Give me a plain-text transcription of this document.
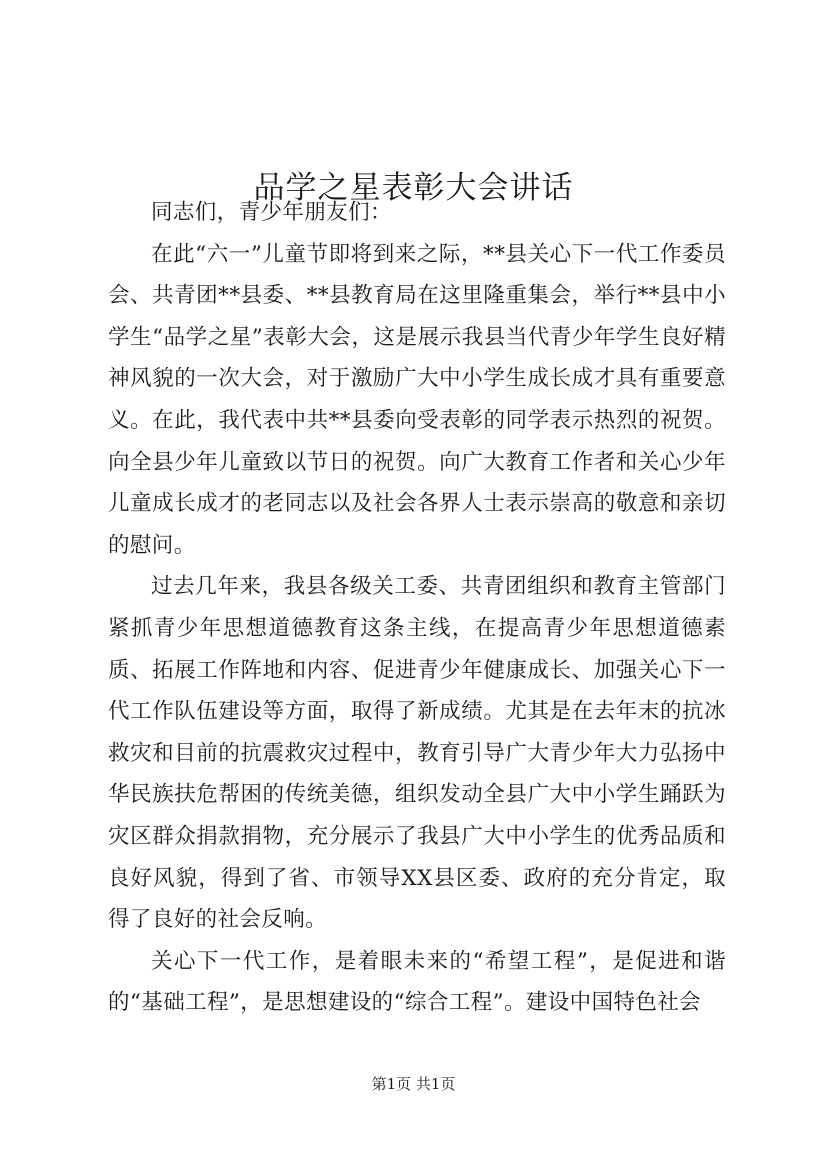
品学之星表彰大会讲话

同志们，青少年朋友们：

在此“六一”儿童节即将到来之际，**县关心下一代工作委员会、共青团**县委、**县教育局在这里隆重集会，举行**县中小学生“品学之星”表彰大会，这是展示我县当代青少年学生良好精神风貌的一次大会，对于激励广大中小学生成长成才具有重要意义。在此，我代表中共**县委向受表彰的同学表示热烈的祝贺。向全县少年儿童致以节日的祝贺。向广大教育工作者和关心少年儿童成长成才的老同志以及社会各界人士表示崇高的敬意和亲切的慰问。

过去几年来，我县各级关工委、共青团组织和教育主管部门紧抓青少年思想道德教育这条主线，在提高青少年思想道德素质、拓展工作阵地和内容、促进青少年健康成长、加强关心下一代工作队伍建设等方面，取得了新成绩。尤其是在去年末的抗冰救灾和目前的抗震救灾过程中，教育引导广大青少年大力弘扬中华民族扶危帮困的传统美德，组织发动全县广大中小学生踊跃为灾区群众捐款捐物，充分展示了我县广大中小学生的优秀品质和良好风貌，得到了省、市领导XX县区委、政府的充分肯定，取得了良好的社会反响。

关心下一代工作，是着眼未来的“希望工程”，是促进和谐的“基础工程”，是思想建设的“综合工程”。建设中国特色社会

第1页 共1页
